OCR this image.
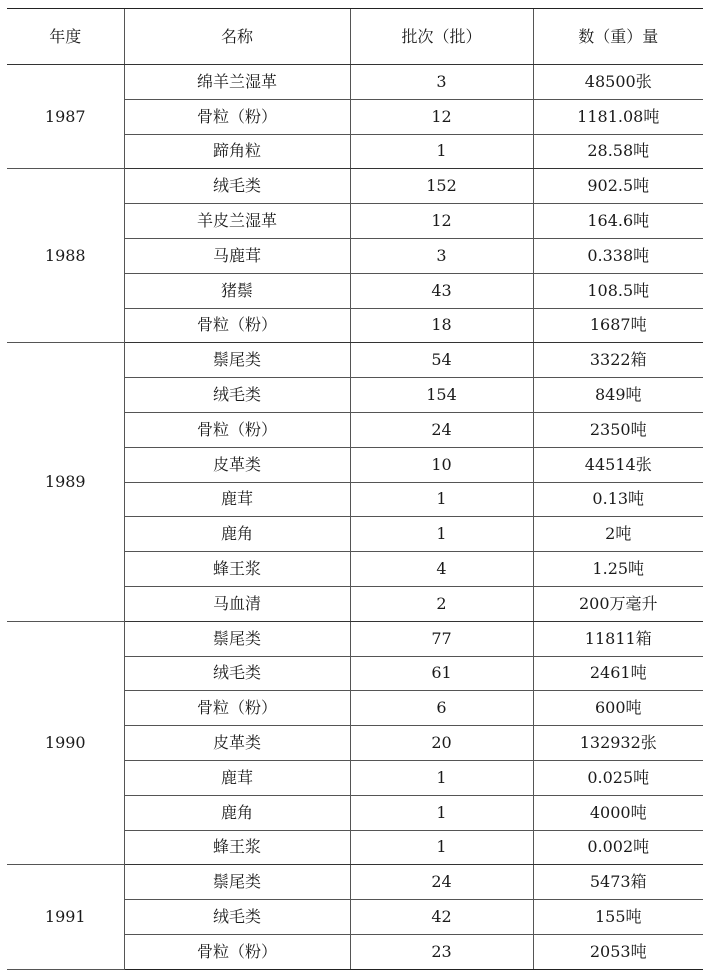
年度	名称	批次（批）	数（重）量
1987	绵羊兰湿革	3	48500张
	骨粒（粉）	12	1181.08吨
	蹄角粒	1	28.58吨
1988	绒毛类	152	902.5吨
	羊皮兰湿革	12	164.6吨
	马鹿茸	3	0.338吨
	猪鬃	43	108.5吨
	骨粒（粉）	18	1687吨
1989	鬃尾类	54	3322箱
	绒毛类	154	849吨
	骨粒（粉）	24	2350吨
	皮革类	10	44514张
	鹿茸	1	0.13吨
	鹿角	1	2吨
	蜂王浆	4	1.25吨
	马血清	2	200万毫升
1990	鬃尾类	77	11811箱
	绒毛类	61	2461吨
	骨粒（粉）	6	600吨
	皮革类	20	132932张
	鹿茸	1	0.025吨
	鹿角	1	4000吨
	蜂王浆	1	0.002吨
1991	鬃尾类	24	5473箱
	绒毛类	42	155吨
	骨粒（粉）	23	2053吨
